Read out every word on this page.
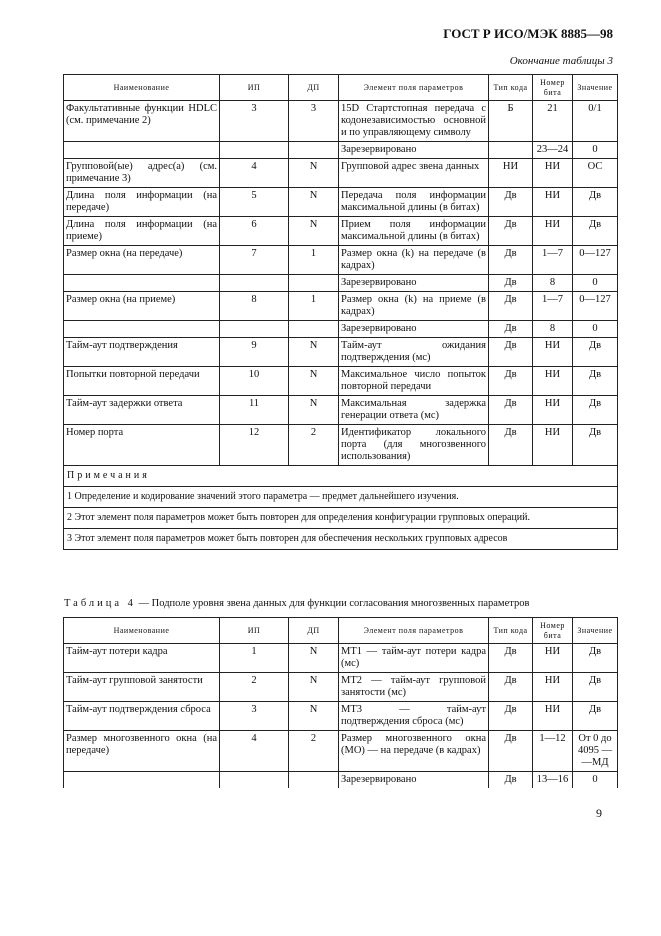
ГОСТ Р ИСО/МЭК 8885—98
Окончание таблицы 3
Наименование	ИП	ДП	Элемент поля параметров	Тип кода	Номер бита	Значение
Факультативные функции HDLC (см. примечание 2)	3	3	15D Стартстопная передача с кодонезависимостью основной и по управляющему символу	Б	21	0/1
			Зарезервировано		23—24	0
Групповой(ые) адрес(а) (см. примечание 3)	4	N	Групповой адрес звена данных	НИ	НИ	ОС
Длина поля информации (на передаче)	5	N	Передача поля информации максимальной длины (в битах)	Дв	НИ	Дв
Длина поля информации (на приеме)	6	N	Прием поля информации максимальной длины (в битах)	Дв	НИ	Дв
Размер окна (на передаче)	7	1	Размер окна (k) на передаче (в кадрах)	Дв	1—7	0—127
			Зарезервировано	Дв	8	0
Размер окна (на приеме)	8	1	Размер окна (k) на приеме (в кадрах)	Дв	1—7	0—127
			Зарезервировано	Дв	8	0
Тайм-аут подтверждения	9	N	Тайм-аут ожидания подтверждения (мс)	Дв	НИ	Дв
Попытки повторной передачи	10	N	Максимальное число попыток повторной передачи	Дв	НИ	Дв
Тайм-аут задержки ответа	11	N	Максимальная задержка генерации ответа (мс)	Дв	НИ	Дв
Номер порта	12	2	Идентификатор локального порта (для многозвенного использования)	Дв	НИ	Дв
Примечания						
1 Определение и кодирование значений этого параметра — предмет дальнейшего изучения.						
2 Этот элемент поля параметров может быть повторен для определения конфигурации групповых операций.						
3 Этот элемент поля параметров может быть повторен для обеспечения нескольких групповых адресов						
Таблица 4 — Подполе уровня звена данных для функции согласования многозвенных параметров
Наименование	ИП	ДП	Элемент поля параметров	Тип кода	Номер бита	Значение
Тайм-аут потери кадра	1	N	МТ1 — тайм-аут потери кадра (мс)	Дв	НИ	Дв
Тайм-аут групповой занятости	2	N	МТ2 — тайм-аут групповой занятости (мс)	Дв	НИ	Дв
Тайм-аут подтверждения сброса	3	N	МТ3 — тайм-аут подтверждения сброса (мс)	Дв	НИ	Дв
Размер многозвенного окна (на передаче)	4	2	Размер многозвенного окна (МО) — на передаче (в кадрах)	Дв	1—12	От 0 до 4095 — —МД
			Зарезервировано	Дв	13—16	0
9
